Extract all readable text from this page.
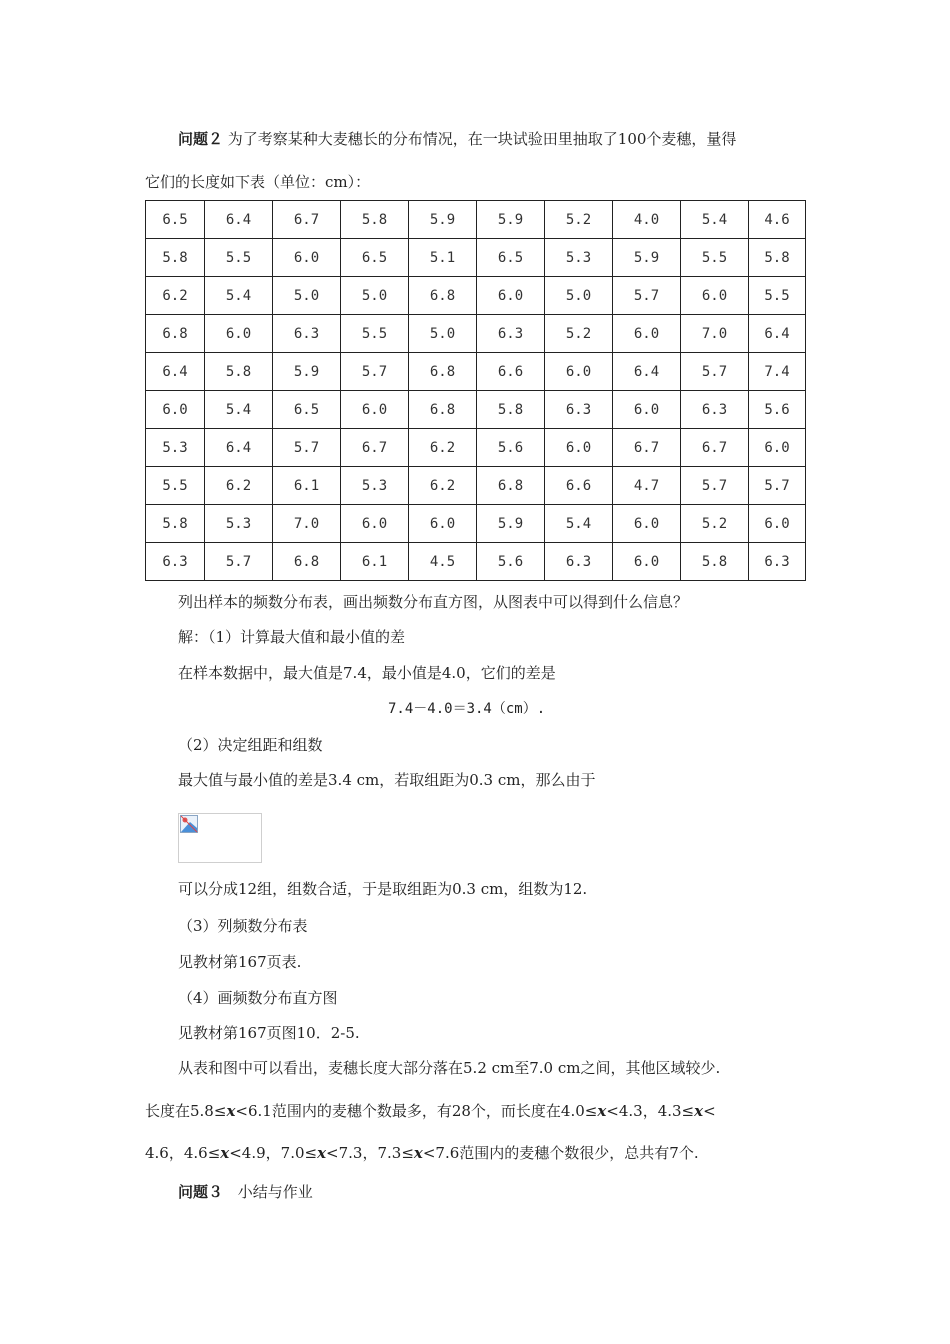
问题２ 为了考察某种大麦穗长的分布情况，在一块试验田里抽取了100个麦穗，量得
它们的长度如下表（单位：cm）：
6.5	6.4	6.7	5.8	5.9	5.9	5.2	4.0	5.4	4.6
5.8	5.5	6.0	6.5	5.1	6.5	5.3	5.9	5.5	5.8
6.2	5.4	5.0	5.0	6.8	6.0	5.0	5.7	6.0	5.5
6.8	6.0	6.3	5.5	5.0	6.3	5.2	6.0	7.0	6.4
6.4	5.8	5.9	5.7	6.8	6.6	6.0	6.4	5.7	7.4
6.0	5.4	6.5	6.0	6.8	5.8	6.3	6.0	6.3	5.6
5.3	6.4	5.7	6.7	6.2	5.6	6.0	6.7	6.7	6.0
5.5	6.2	6.1	5.3	6.2	6.8	6.6	4.7	5.7	5.7
5.8	5.3	7.0	6.0	6.0	5.9	5.4	6.0	5.2	6.0
6.3	5.7	6.8	6.1	4.5	5.6	6.3	6.0	5.8	6.3
列出样本的频数分布表，画出频数分布直方图，从图表中可以得到什么信息？
解：（1）计算最大值和最小值的差
在样本数据中，最大值是7.4，最小值是4.0，它们的差是
7.4－4.0＝3.4（cm）.
（2）决定组距和组数
最大值与最小值的差是3.4 cm，若取组距为0.3 cm，那么由于
可以分成12组，组数合适，于是取组距为0.3 cm，组数为12.
（3）列频数分布表
见教材第167页表.
（4）画频数分布直方图
见教材第167页图10．2-5.
从表和图中可以看出，麦穗长度大部分落在5.2 cm至7.0 cm之间，其他区域较少.
长度在5.8≤x<6.1范围内的麦穗个数最多，有28个，而长度在4.0≤x<4.3，4.3≤x<
4.6，4.6≤x<4.9，7.0≤x<7.3，7.3≤x<7.6范围内的麦穗个数很少，总共有7个.
问题３ 小结与作业
